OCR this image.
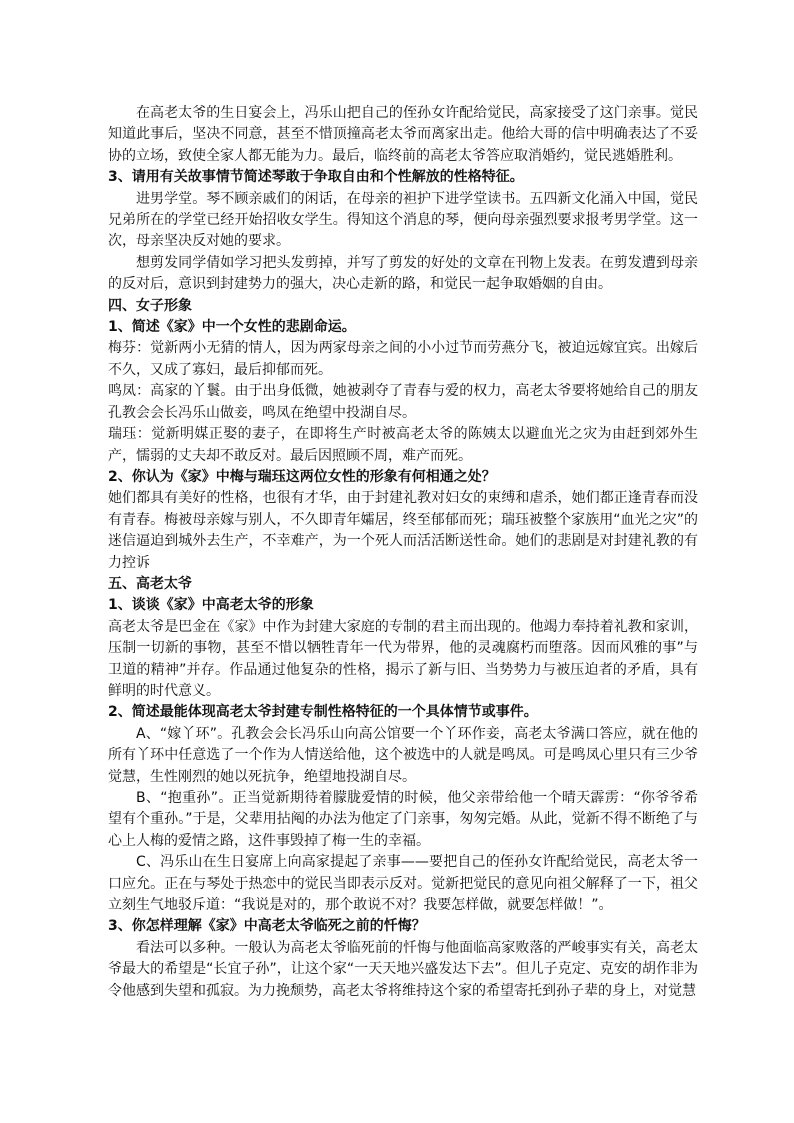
在高老太爷的生日宴会上，冯乐山把自己的侄孙女许配给觉民，高家接受了这门亲事。觉民知道此事后，坚决不同意，甚至不惜顶撞高老太爷而离家出走。他给大哥的信中明确表达了不妥协的立场，致使全家人都无能为力。最后，临终前的高老太爷答应取消婚约，觉民逃婚胜利。

3、请用有关故事情节简述琴敢于争取自由和个性解放的性格特征。

进男学堂。琴不顾亲戚们的闲话，在母亲的袒护下进学堂读书。五四新文化涌入中国，觉民兄弟所在的学堂已经开始招收女学生。得知这个消息的琴，便向母亲强烈要求报考男学堂。这一次，母亲坚决反对她的要求。

想剪发同学倩如学习把头发剪掉，并写了剪发的好处的文章在刊物上发表。在剪发遭到母亲的反对后，意识到封建势力的强大，决心走新的路，和觉民一起争取婚姻的自由。

四、女子形象

1、简述《家》中一个女性的悲剧命运。

梅芬：觉新两小无猜的情人，因为两家母亲之间的小小过节而劳燕分飞，被迫远嫁宜宾。出嫁后不久，又成了寡妇，最后抑郁而死。

鸣凤：高家的丫鬟。由于出身低微，她被剥夺了青春与爱的权力，高老太爷要将她给自己的朋友孔教会会长冯乐山做妾，鸣凤在绝望中投湖自尽。

瑞珏：觉新明媒正娶的妻子，在即将生产时被高老太爷的陈姨太以避血光之灾为由赶到郊外生产，懦弱的丈夫却不敢反对。最后因照顾不周，难产而死。

2、你认为《家》中梅与瑞珏这两位女性的形象有何相通之处？

她们都具有美好的性格，也很有才华，由于封建礼教对妇女的束缚和虐杀，她们都正逢青春而没有青春。梅被母亲嫁与别人，不久即青年孀居，终至郁郁而死；瑞珏被整个家族用“血光之灾”的迷信逼迫到城外去生产，不幸难产，为一个死人而活活断送性命。她们的悲剧是对封建礼教的有力控诉

五、高老太爷

1、谈谈《家》中高老太爷的形象

高老太爷是巴金在《家》中作为封建大家庭的专制的君主而出现的。他竭力奉持着礼教和家训，压制一切新的事物，甚至不惜以牺牲青年一代为带界，他的灵魂腐朽而堕落。因而风雅的事”与卫道的精神”并存。作品通过他复杂的性格，揭示了新与旧、当势势力与被压迫者的矛盾，具有鲜明的时代意义。

2、简述最能体现高老太爷封建专制性格特征的一个具体情节或事件。

A、“嫁丫环”。孔教会会长冯乐山向高公馆要一个丫环作妾，高老太爷满口答应，就在他的所有丫环中任意选了一个作为人情送给他，这个被选中的人就是鸣凤。可是鸣凤心里只有三少爷觉慧，生性刚烈的她以死抗争，绝望地投湖自尽。

B、“抱重孙”。正当觉新期待着朦胧爱情的时候，他父亲带给他一个晴天霹雳：“你爷爷希望有个重孙。”于是，父辈用拈阄的办法为他定了门亲事，匆匆完婚。从此，觉新不得不断绝了与心上人梅的爱情之路，这件事毁掉了梅一生的幸福。

C、冯乐山在生日宴席上向高家提起了亲事——要把自己的侄孙女许配给觉民，高老太爷一口应允。正在与琴处于热恋中的觉民当即表示反对。觉新把觉民的意见向祖父解释了一下，祖父立刻生气地驳斥道：“我说是对的，那个敢说不对？我要怎样做，就要怎样做！”。

3、你怎样理解《家》中高老太爷临死之前的忏悔？

看法可以多种。一般认为高老太爷临死前的忏悔与他面临高家败落的严峻事实有关，高老太爷最大的希望是“长宜子孙”，让这个家“一天天地兴盛发达下去”。但儿子克定、克安的胡作非为令他感到失望和孤寂。为力挽颓势，高老太爷将维持这个家的希望寄托到孙子辈的身上，对觉慧
